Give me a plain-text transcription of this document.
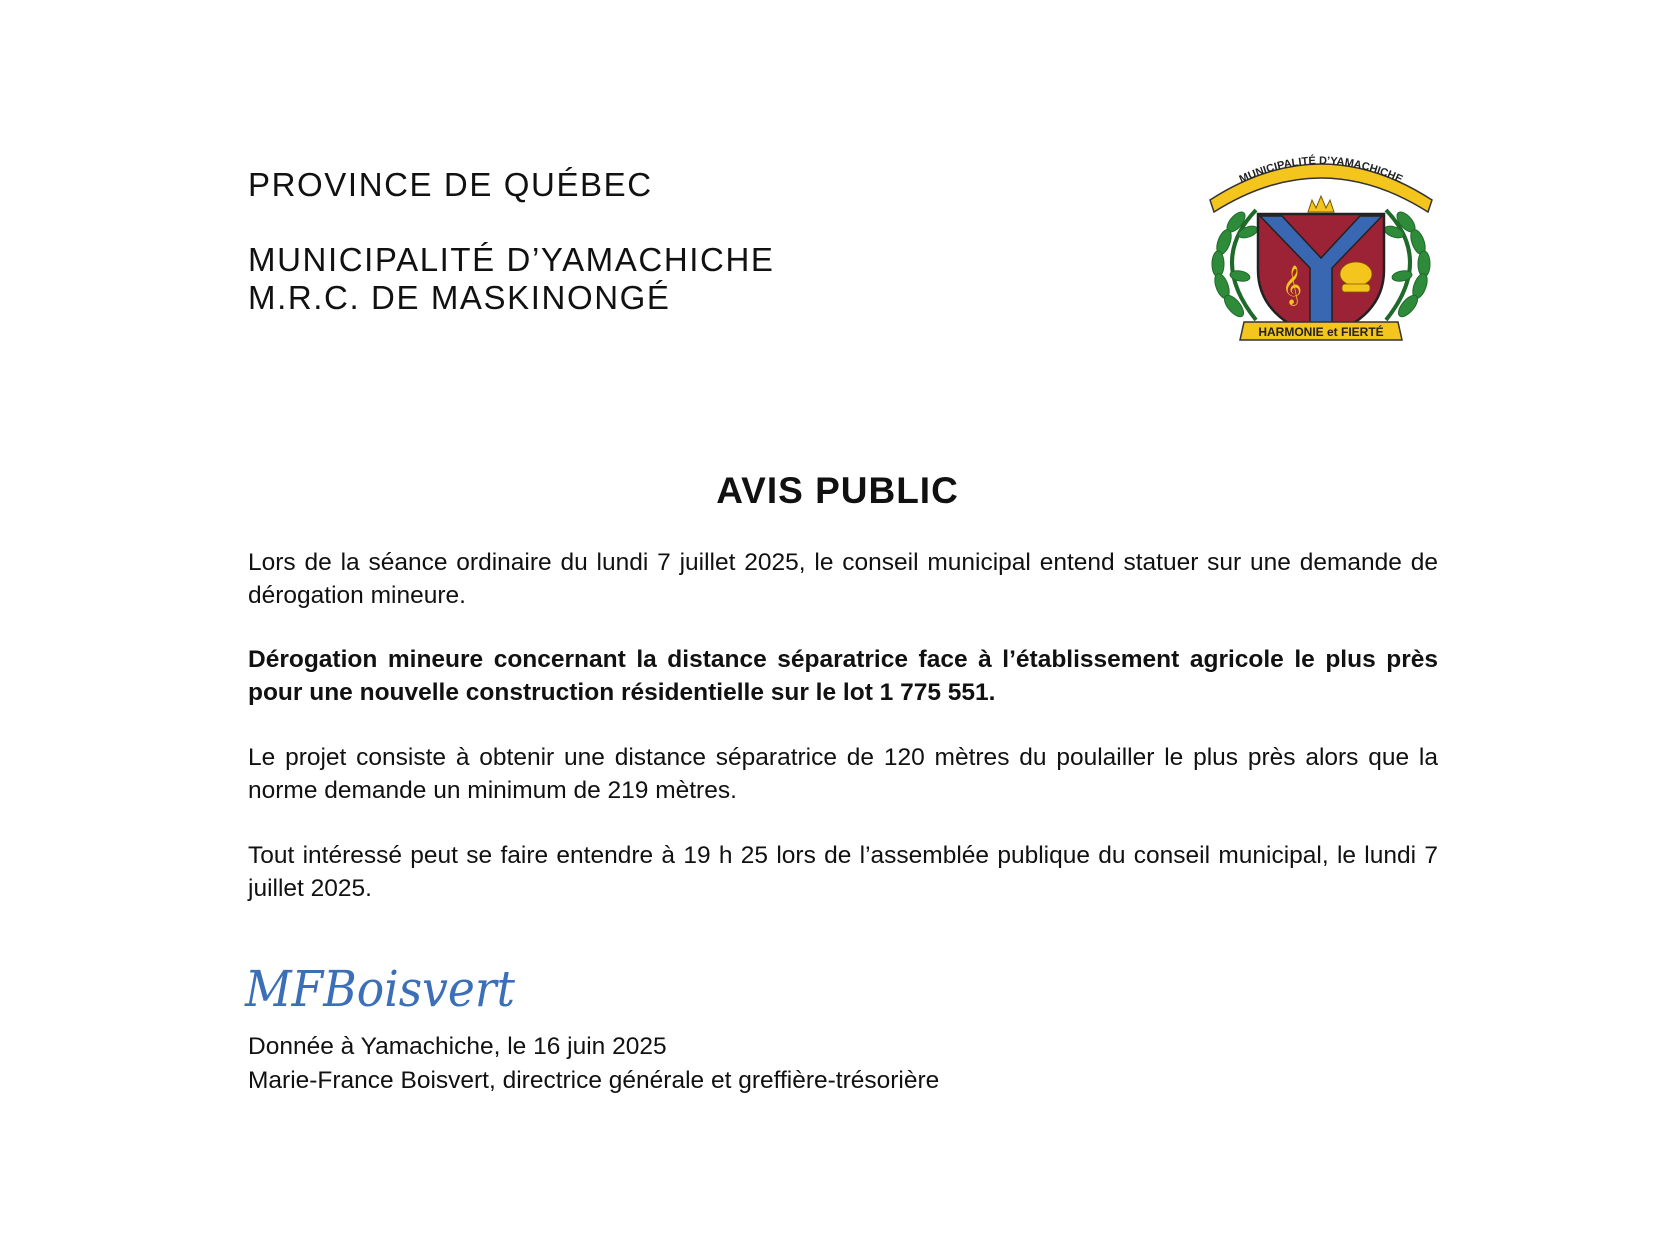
PROVINCE DE QUÉBEC

MUNICIPALITÉ D’YAMACHICHE

M.R.C. DE MASKINONGÉ

MUNICIPALITÉ D’YAMACHICHE
𝄞
HARMONIE et FIERTÉ
AVIS PUBLIC

Lors de la séance ordinaire du lundi 7 juillet 2025, le conseil municipal entend statuer sur une demande de dérogation mineure.

Dérogation mineure concernant la distance séparatrice face à l’établissement agricole le plus près pour une nouvelle construction résidentielle sur le lot 1 775 551.

Le projet consiste à obtenir une distance séparatrice de 120 mètres du poulailler le plus près alors que la norme demande un minimum de 219 mètres.

Tout intéressé peut se faire entendre à 19 h 25 lors de l’assemblée publique du conseil municipal, le lundi 7 juillet 2025.

MFBoisvert

Donnée à Yamachiche, le 16 juin 2025

Marie-France Boisvert, directrice générale et greffière-trésorière
